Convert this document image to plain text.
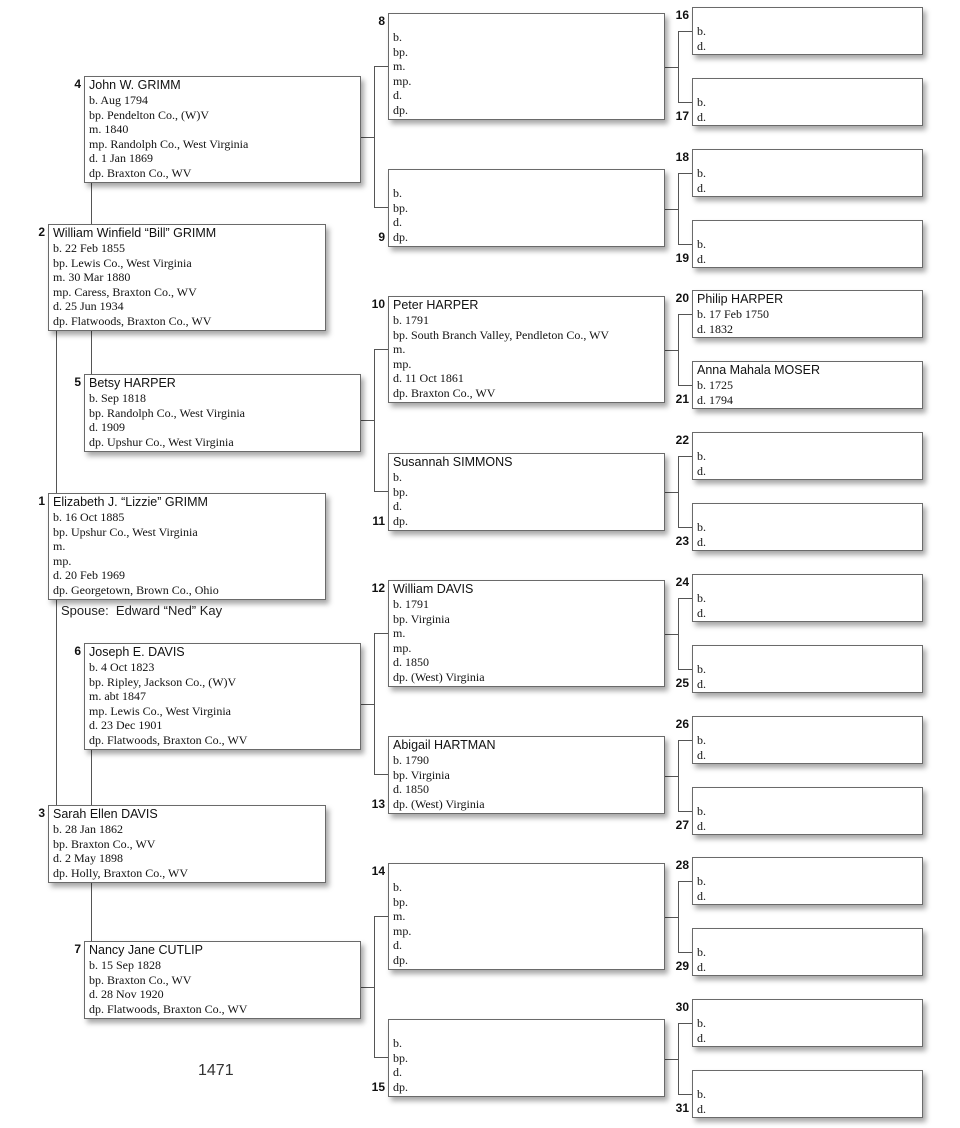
Elizabeth J. “Lizzie” GRIMM
b. 16 Oct 1885
bp. Upshur Co., West Virginia
m.
mp.
d. 20 Feb 1969
dp. Georgetown, Brown Co., Ohio
1
William Winfield “Bill” GRIMM
b. 22 Feb 1855
bp. Lewis Co., West Virginia
m. 30 Mar 1880
mp. Caress, Braxton Co., WV
d. 25 Jun 1934
dp. Flatwoods, Braxton Co., WV
2
Sarah Ellen DAVIS
b. 28 Jan 1862
bp. Braxton Co., WV
d. 2 May 1898
dp. Holly, Braxton Co., WV
3
John W. GRIMM
b. Aug 1794
bp. Pendelton Co., (W)V
m. 1840
mp. Randolph Co., West Virginia
d. 1 Jan 1869
dp. Braxton Co., WV
4
Betsy HARPER
b. Sep 1818
bp. Randolph Co., West Virginia
d. 1909
dp. Upshur Co., West Virginia
5
Joseph E. DAVIS
b. 4 Oct 1823
bp. Ripley, Jackson Co., (W)V
m. abt 1847
mp. Lewis Co., West Virginia
d. 23 Dec 1901
dp. Flatwoods, Braxton Co., WV
6
Nancy Jane CUTLIP
b. 15 Sep 1828
bp. Braxton Co., WV
d. 28 Nov 1920
dp. Flatwoods, Braxton Co., WV
7
b.
bp.
m.
mp.
d.
dp.
8
b.
bp.
d.
dp.
9
Peter HARPER
b. 1791
bp. South Branch Valley, Pendleton Co., WV
m.
mp.
d. 11 Oct 1861
dp. Braxton Co., WV
10
Susannah SIMMONS
b.
bp.
d.
dp.
11
William DAVIS
b. 1791
bp. Virginia
m.
mp.
d. 1850
dp. (West) Virginia
12
Abigail HARTMAN
b. 1790
bp. Virginia
d. 1850
dp. (West) Virginia
13
b.
bp.
m.
mp.
d.
dp.
14
b.
bp.
d.
dp.
15
b.
d.
16
b.
d.
17
b.
d.
18
b.
d.
19
Philip HARPER
b. 17 Feb 1750
d. 1832
20
Anna Mahala MOSER
b. 1725
d. 1794
21
b.
d.
22
b.
d.
23
b.
d.
24
b.
d.
25
b.
d.
26
b.
d.
27
b.
d.
28
b.
d.
29
b.
d.
30
b.
d.
31
Spouse:  Edward “Ned” Kay
1471
